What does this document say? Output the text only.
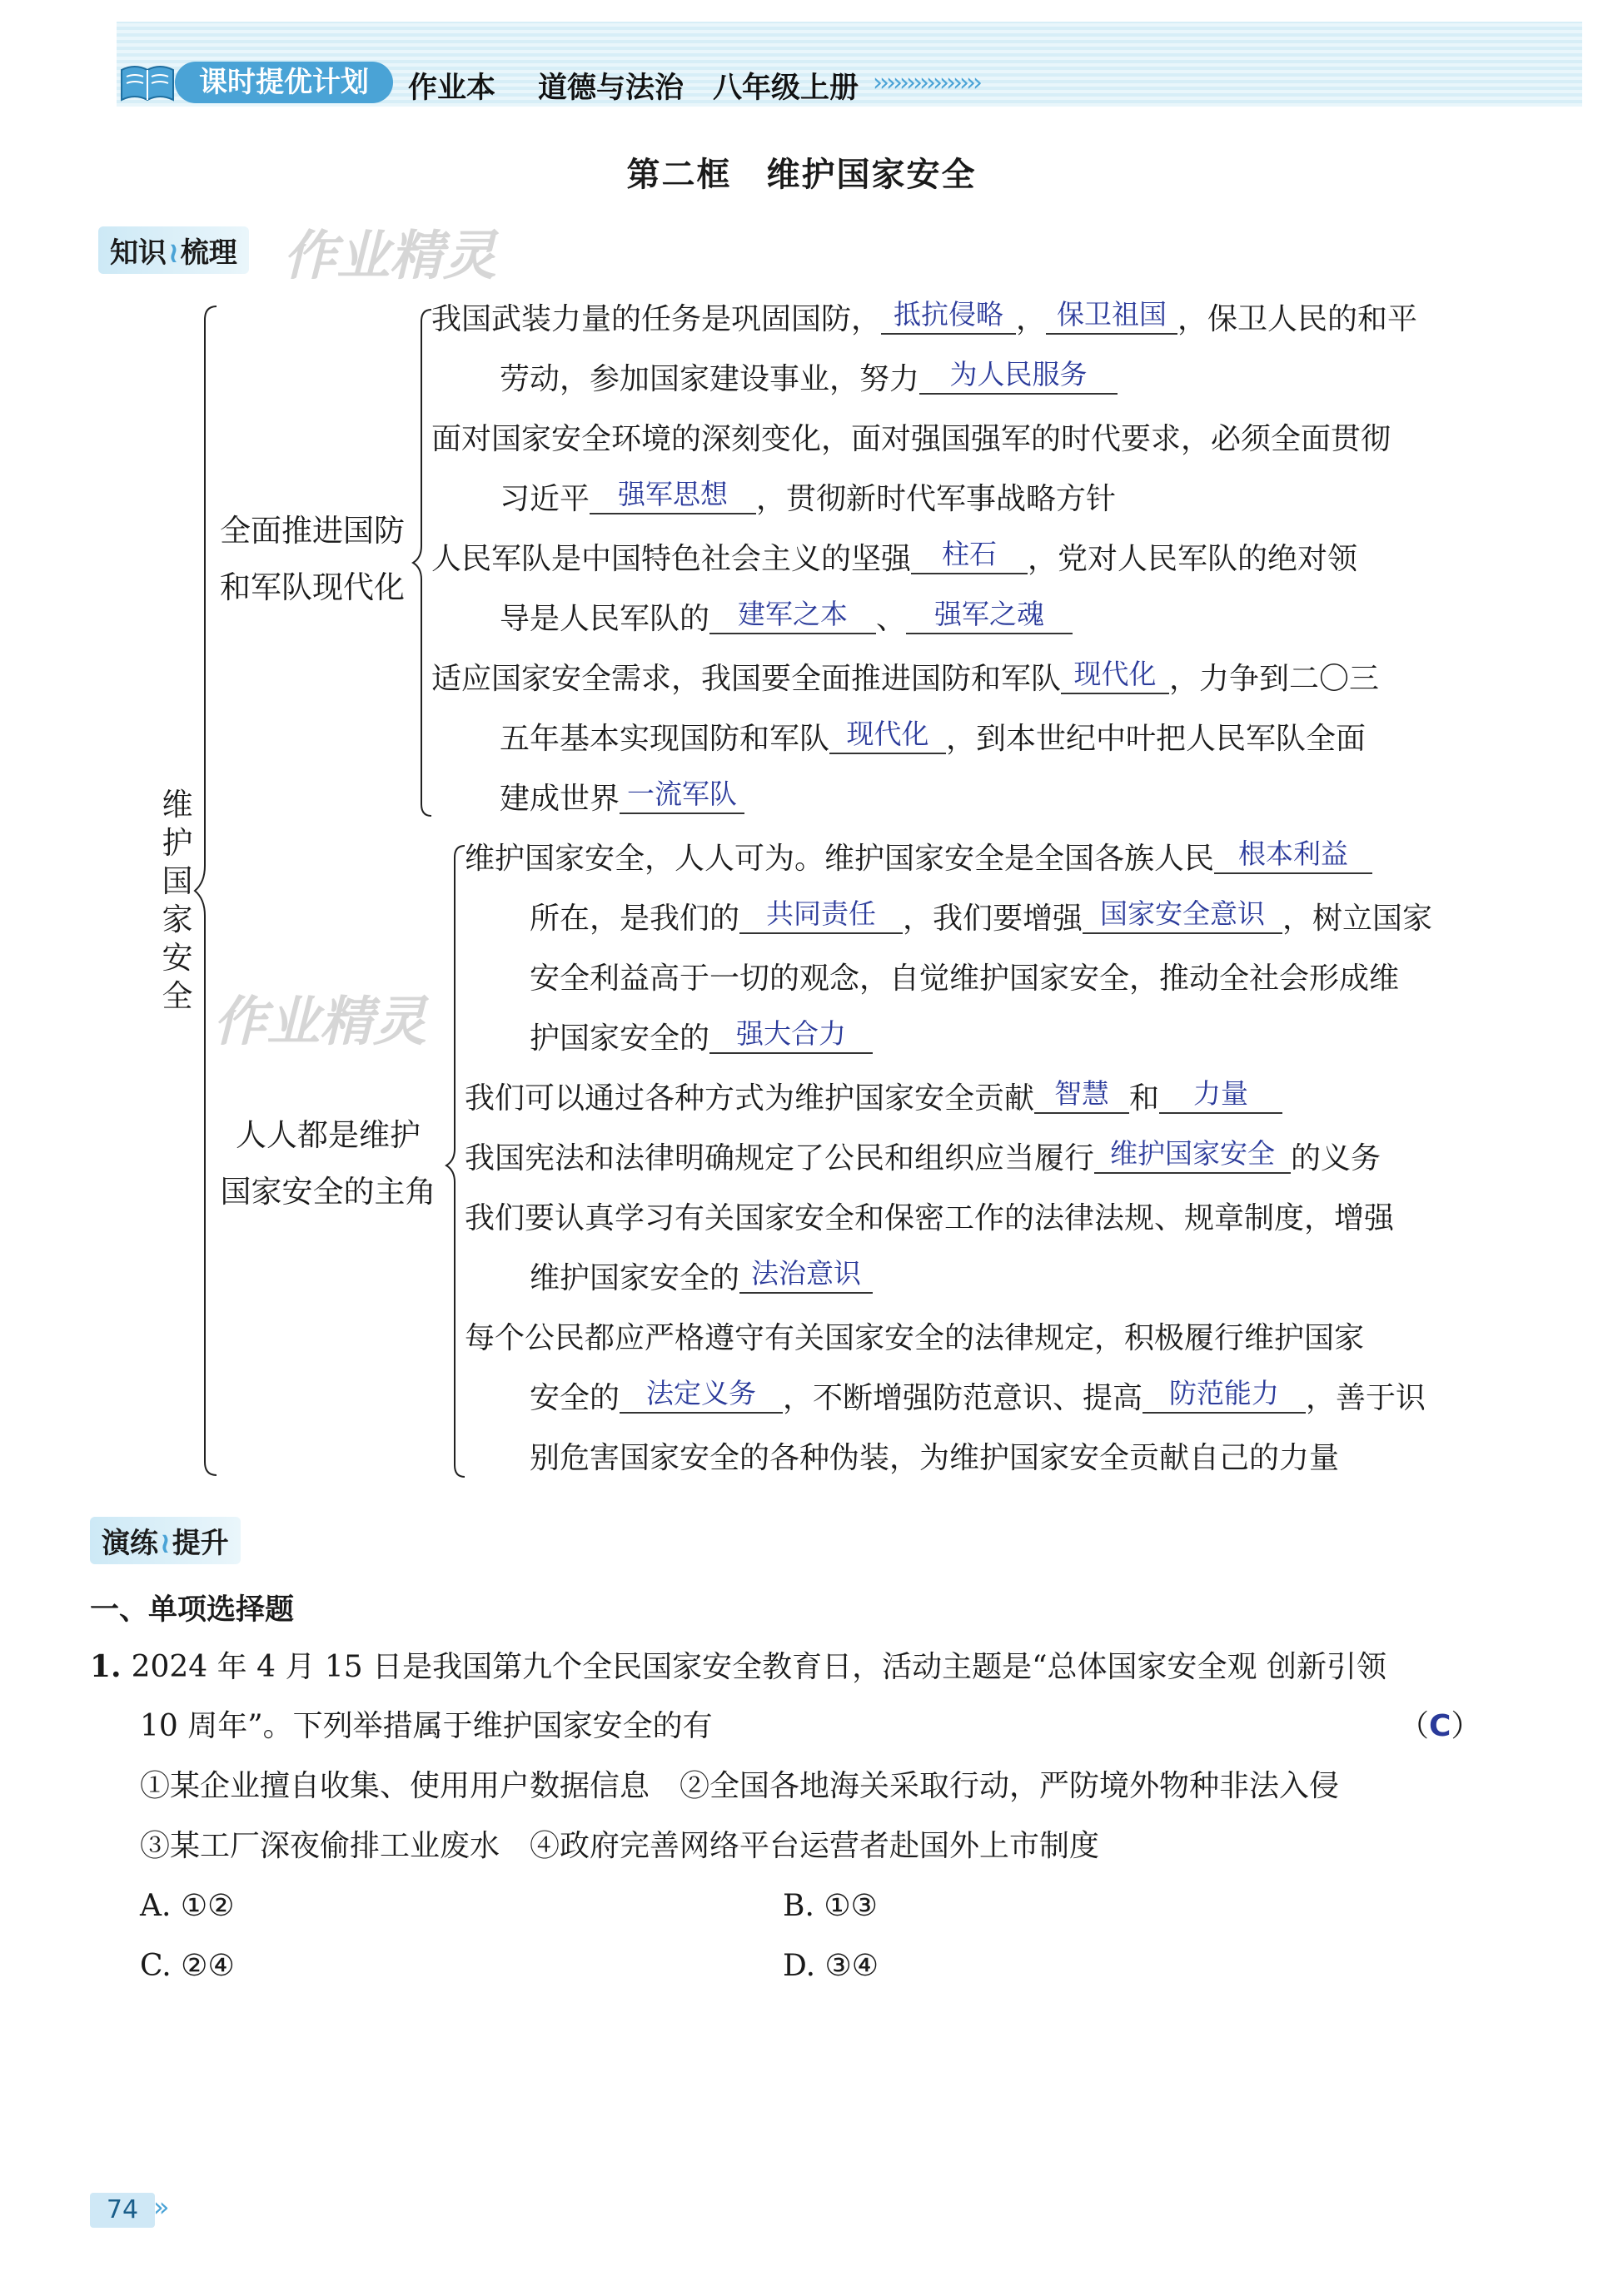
课时提优计划	作业本 道德与法治 八年级上册 ››››››››››››››››
第二框　维护国家安全
知识≀梳理 作业精灵
作业精灵
维
护
国
家
安
全
全面推进国防
和军队现代化
我国武装力量的任务是巩固国防， 抵抗侵略 ， 保卫祖国 ，保卫人民的和平
劳动，参加国家建设事业，努力 为人民服务
面对国家安全环境的深刻变化，面对强国强军的时代要求，必须全面贯彻
习近平 强军思想 ，贯彻新时代军事战略方针
人民军队是中国特色社会主义的坚强 柱石 ，党对人民军队的绝对领
导是人民军队的 建军之本 、 强军之魂
适应国家安全需求，我国要全面推进国防和军队 现代化 ，力争到二〇三
五年基本实现国防和军队 现代化 ，到本世纪中叶把人民军队全面
建成世界 一流军队
人人都是维护
国家安全的主角
维护国家安全，人人可为。维护国家安全是全国各族人民 根本利益
所在，是我们的 共同责任 ，我们要增强 国家安全意识 ，树立国家
安全利益高于一切的观念，自觉维护国家安全，推动全社会形成维
护国家安全的 强大合力
我们可以通过各种方式为维护国家安全贡献 智慧 和 力量
我国宪法和法律明确规定了公民和组织应当履行 维护国家安全 的义务
我们要认真学习有关国家安全和保密工作的法律法规、规章制度，增强
维护国家安全的 法治意识
每个公民都应严格遵守有关国家安全的法律规定，积极履行维护国家
安全的 法定义务 ，不断增强防范意识、提高 防范能力 ，善于识
别危害国家安全的各种伪装，为维护国家安全贡献自己的力量
演练≀提升
一、单项选择题
1. 2024 年 4 月 15 日是我国第九个全民国家安全教育日，活动主题是“总体国家安全观 创新引领
10 周年”。下列举措属于维护国家安全的有	（C）
①某企业擅自收集、使用用户数据信息　②全国各地海关采取行动，严防境外物种非法入侵
③某工厂深夜偷排工业废水　④政府完善网络平台运营者赴国外上市制度
A. ①②	B. ①③
C. ②④	D. ③④
74 ››
